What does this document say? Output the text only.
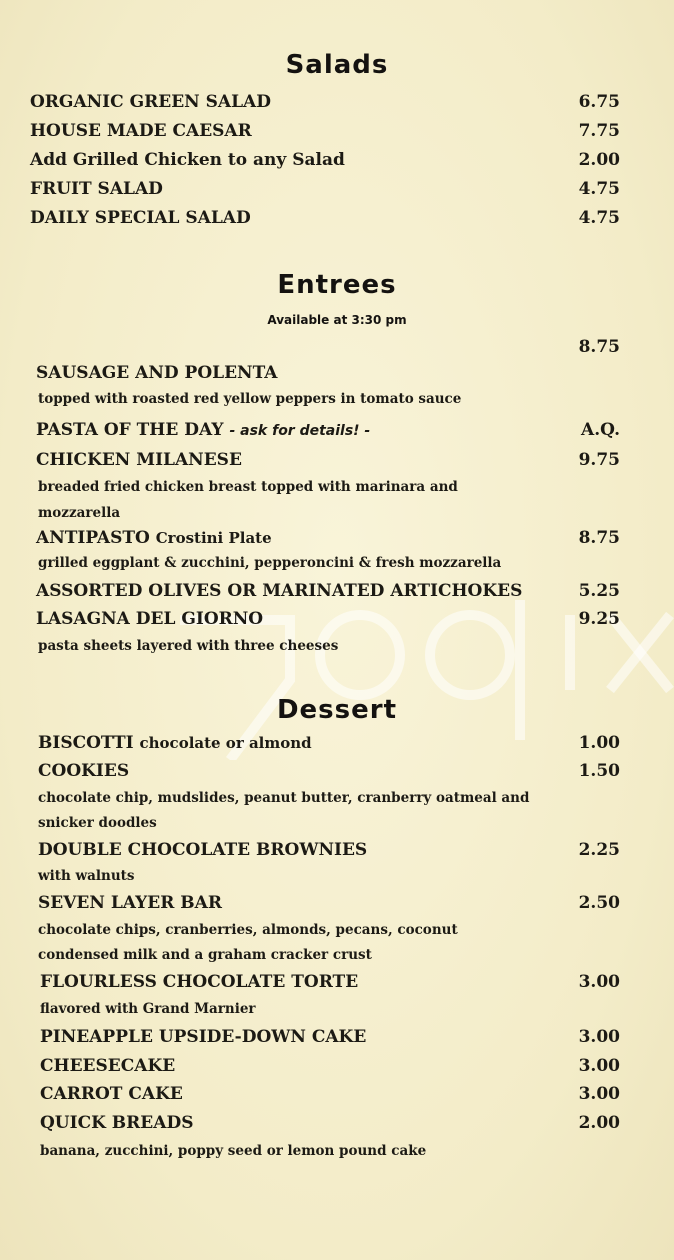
Salads
ORGANIC GREEN SALAD	6.75
HOUSE MADE CAESAR	7.75
Add Grilled Chicken to any Salad	2.00
FRUIT SALAD	4.75
DAILY SPECIAL SALAD	4.75
Entrees
Available at 3:30 pm
8.75
SAUSAGE AND POLENTA
topped with roasted red yellow peppers in tomato sauce
PASTA OF THE DAY - ask for details! -	A.Q.
CHICKEN MILANESE	9.75
breaded fried chicken breast topped with marinara and mozzarella
ANTIPASTO Crostini Plate	8.75
grilled eggplant & zucchini, pepperoncini & fresh mozzarella
ASSORTED OLIVES OR MARINATED ARTICHOKES	5.25
LASAGNA DEL GIORNO	9.25
pasta sheets layered with three cheeses
Dessert
BISCOTTI chocolate or almond	1.00
COOKIES	1.50
chocolate chip, mudslides, peanut butter, cranberry oatmeal and snicker doodles
DOUBLE CHOCOLATE BROWNIES	2.25
with walnuts
SEVEN LAYER BAR	2.50
chocolate chips, cranberries, almonds, pecans, coconut condensed milk and a graham cracker crust
FLOURLESS CHOCOLATE TORTE	3.00
flavored with Grand Marnier
PINEAPPLE UPSIDE-DOWN CAKE	3.00
CHEESECAKE	3.00
CARROT CAKE	3.00
QUICK BREADS	2.00
banana, zucchini, poppy seed or lemon pound cake
